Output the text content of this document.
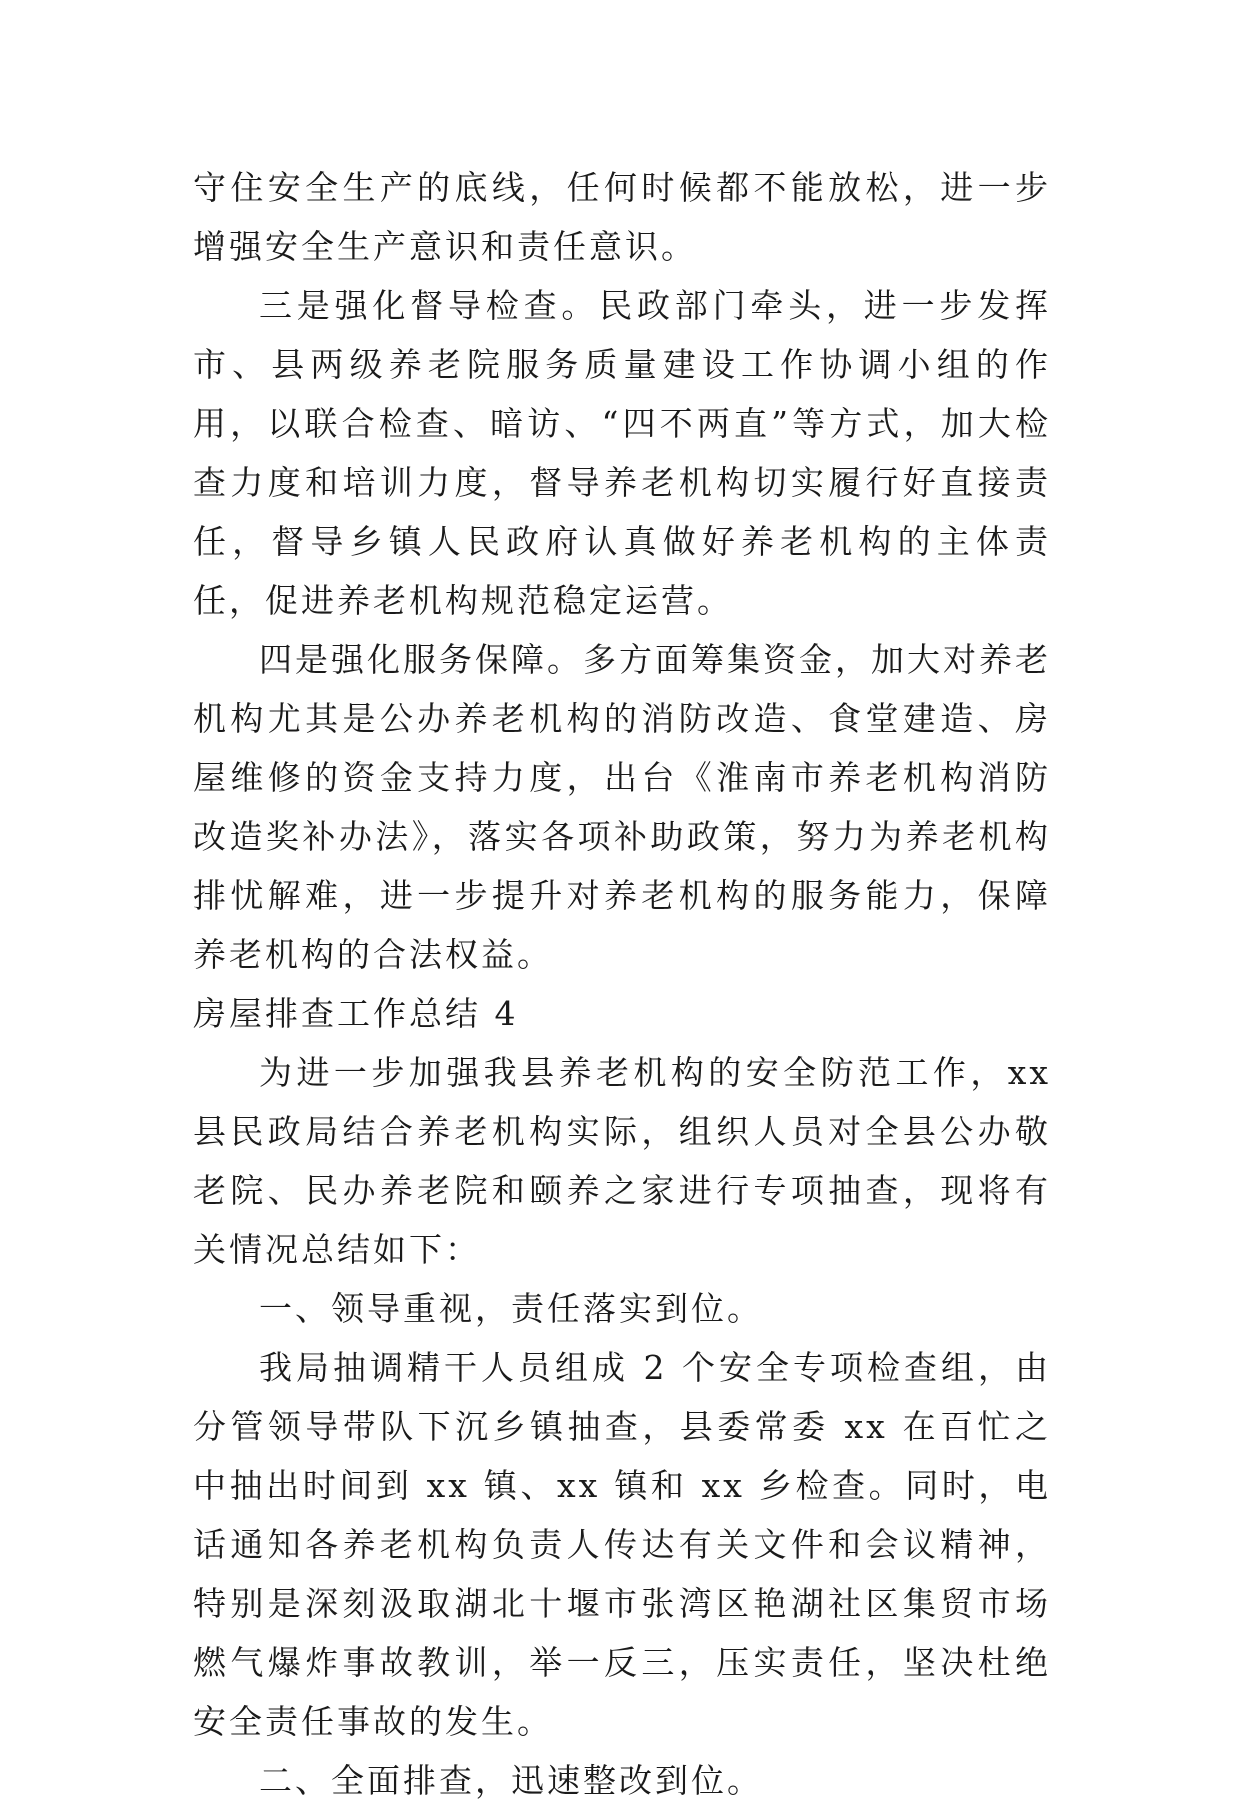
守住安全生产的底线，任何时候都不能放松，进一步增强安全生产意识和责任意识。

三是强化督导检查。民政部门牵头，进一步发挥市、县两级养老院服务质量建设工作协调小组的作用，以联合检查、暗访、“四不两直”等方式，加大检查力度和培训力度，督导养老机构切实履行好直接责任，督导乡镇人民政府认真做好养老机构的主体责任，促进养老机构规范稳定运营。

四是强化服务保障。多方面筹集资金，加大对养老机构尤其是公办养老机构的消防改造、食堂建造、房屋维修的资金支持力度，出台《淮南市养老机构消防改造奖补办法》，落实各项补助政策，努力为养老机构排忧解难，进一步提升对养老机构的服务能力，保障养老机构的合法权益。

房屋排查工作总结 4

为进一步加强我县养老机构的安全防范工作，xx 县民政局结合养老机构实际，组织人员对全县公办敬老院、民办养老院和颐养之家进行专项抽查，现将有关情况总结如下：

一、领导重视，责任落实到位。

我局抽调精干人员组成 2 个安全专项检查组，由分管领导带队下沉乡镇抽查，县委常委 xx 在百忙之中抽出时间到 xx 镇、xx 镇和 xx 乡检查。同时，电话通知各养老机构负责人传达有关文件和会议精神，特别是深刻汲取湖北十堰市张湾区艳湖社区集贸市场燃气爆炸事故教训，举一反三，压实责任，坚决杜绝安全责任事故的发生。

二、全面排查，迅速整改到位。
